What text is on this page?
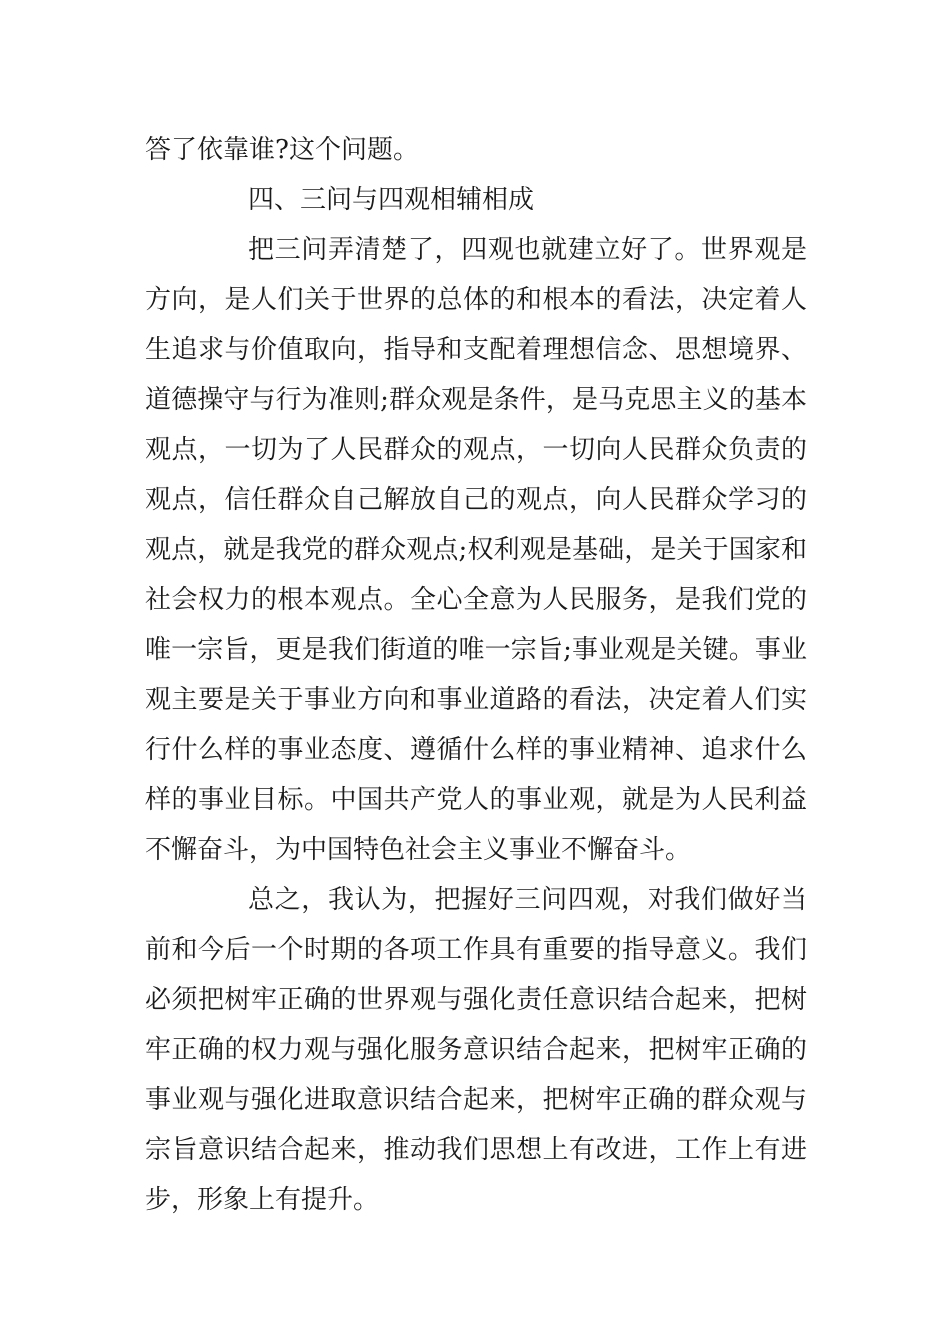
答了依靠谁?这个问题。

四、三问与四观相辅相成

把三问弄清楚了，四观也就建立好了。世界观是

方向，是人们关于世界的总体的和根本的看法，决定着人

生追求与价值取向，指导和支配着理想信念、思想境界、

道德操守与行为准则;群众观是条件，是马克思主义的基本

观点，一切为了人民群众的观点，一切向人民群众负责的

观点，信任群众自己解放自己的观点，向人民群众学习的

观点，就是我党的群众观点;权利观是基础，是关于国家和

社会权力的根本观点。全心全意为人民服务，是我们党的

唯一宗旨，更是我们街道的唯一宗旨;事业观是关键。事业

观主要是关于事业方向和事业道路的看法，决定着人们实

行什么样的事业态度、遵循什么样的事业精神、追求什么

样的事业目标。中国共产党人的事业观，就是为人民利益

不懈奋斗，为中国特色社会主义事业不懈奋斗。

总之，我认为，把握好三问四观，对我们做好当

前和今后一个时期的各项工作具有重要的指导意义。我们

必须把树牢正确的世界观与强化责任意识结合起来，把树

牢正确的权力观与强化服务意识结合起来，把树牢正确的

事业观与强化进取意识结合起来，把树牢正确的群众观与

宗旨意识结合起来，推动我们思想上有改进，工作上有进

步，形象上有提升。
